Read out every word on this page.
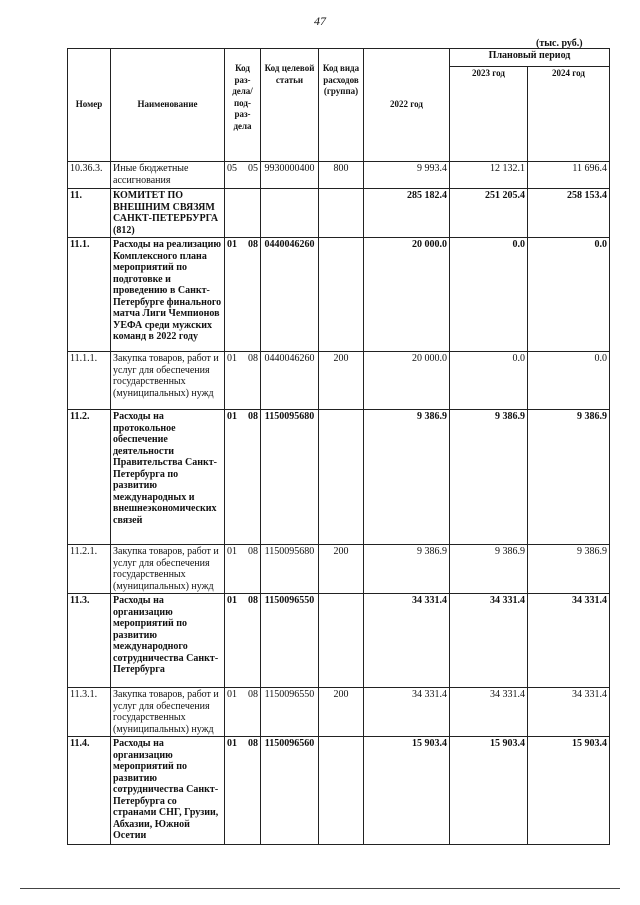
47
(тыс. руб.)
Номер	Наименование	Код раз-дела/ под-раз-дела	Код целевой статьи	Код вида расходов (группа)	2022 год	Плановый период	
						2023 год	2024 год
10.36.3.	Иные бюджетные ассигнования	05 05	9930000400	800	9 993.4	12 132.1	11 696.4
11.	КОМИТЕТ ПО ВНЕШНИМ СВЯЗЯМ САНКТ-ПЕТЕРБУРГА (812)				285 182.4	251 205.4	258 153.4
11.1.	Расходы на реализацию Комплексного плана мероприятий по подготовке и проведению в Санкт-Петербурге финального матча Лиги Чемпионов УЕФА среди мужских команд в 2022 году	01 08	0440046260		20 000.0	0.0	0.0
11.1.1.	Закупка товаров, работ и услуг для обеспечения государственных (муниципальных) нужд	01 08	0440046260	200	20 000.0	0.0	0.0
11.2.	Расходы на протокольное обеспечение деятельности Правительства Санкт-Петербурга по развитию международных и внешнеэкономических связей	01 08	1150095680		9 386.9	9 386.9	9 386.9
11.2.1.	Закупка товаров, работ и услуг для обеспечения государственных (муниципальных) нужд	01 08	1150095680	200	9 386.9	9 386.9	9 386.9
11.3.	Расходы на организацию мероприятий по развитию международного сотрудничества Санкт-Петербурга	01 08	1150096550		34 331.4	34 331.4	34 331.4
11.3.1.	Закупка товаров, работ и услуг для обеспечения государственных (муниципальных) нужд	01 08	1150096550	200	34 331.4	34 331.4	34 331.4
11.4.	Расходы на организацию мероприятий по развитию сотрудничества Санкт-Петербурга со странами СНГ, Грузии, Абхазии, Южной Осетии	01 08	1150096560		15 903.4	15 903.4	15 903.4
